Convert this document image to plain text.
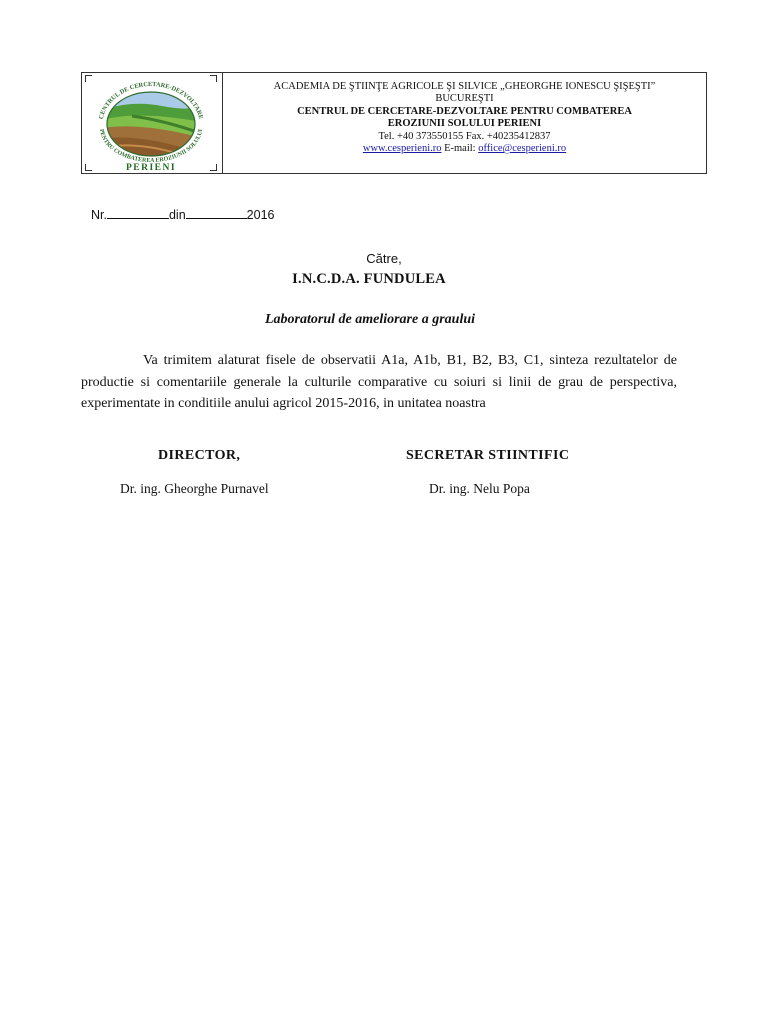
CENTRUL DE CERCETARE-DEZVOLTARE
PENTRU COMBATEREA EROZIUNII SOLULUI
PERIENI
ACADEMIA DE ŞTIINŢE AGRICOLE ŞI SILVICE „GHEORGHE IONESCU ŞIŞEŞTI”
BUCUREŞTI
CENTRUL DE CERCETARE-DEZVOLTARE PENTRU COMBATEREA
EROZIUNII SOLULUI PERIENI
Tel. +40 373550155 Fax. +40235412837
www.cesperieni.ro E-mail: office@cesperieni.ro
Nr.	din	2016
Către,
I.N.C.D.A. FUNDULEA
Laboratorul de ameliorare a graului
Va trimitem alaturat fisele de observatii A1a, A1b, B1, B2, B3, C1, sinteza rezultatelor de productie si comentariile generale la culturile comparative cu soiuri si linii de grau de perspectiva, experimentate in conditiile anului agricol 2015-2016, in unitatea noastra
DIRECTOR,	SECRETAR STIINTIFIC
Dr. ing. Gheorghe Purnavel	Dr. ing. Nelu Popa
